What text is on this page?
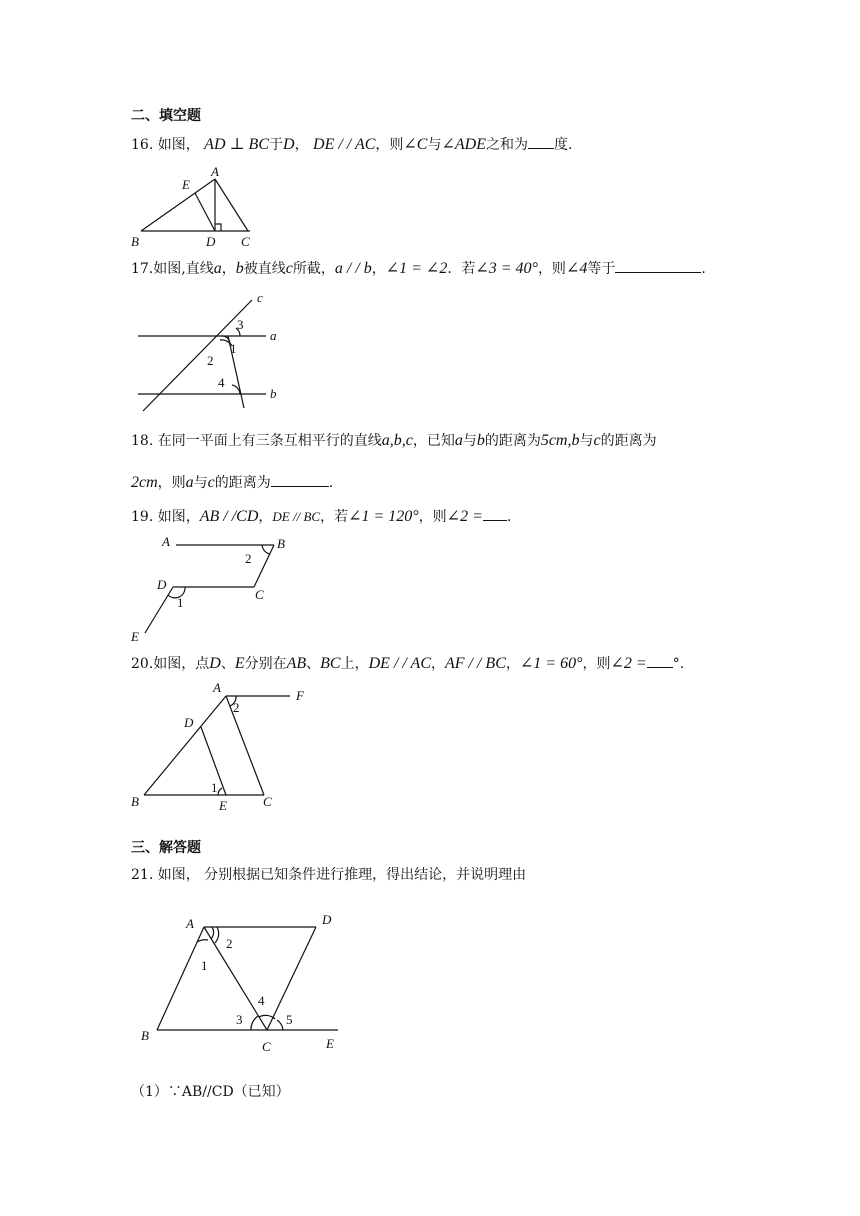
二、填空题
16. 如图， AD ⊥ BC于D， DE / / AC，则∠C与∠ADE之和为 度.
A
E
B	D C
17.如图,直线a，b被直线c所截，a / / b，∠1 = ∠2．若∠3 = 40°，则∠4等于	.
c
a
b
3
1
2
4
18. 在同一平面上有三条互相平行的直线a,b,c，已知a与b的距离为5cm,b与c的距离为
2cm，则a与c的距离为	.
19. 如图，AB / /CD，DE // BC，若∠1 = 120°，则∠2 = .
A	B
2
D
C
1
E
20.如图，点D、E分别在AB、BC上，DE / / AC，AF / / BC，∠1 = 60°，则∠2 = °.
A
F
2
D
1
B	E	C
三、解答题
21. 如图， 分别根据已知条件进行推理，得出结论，并说明理由
A	D
2
1
4
3	5
B
C	E
（1）∵AB//CD（已知）
